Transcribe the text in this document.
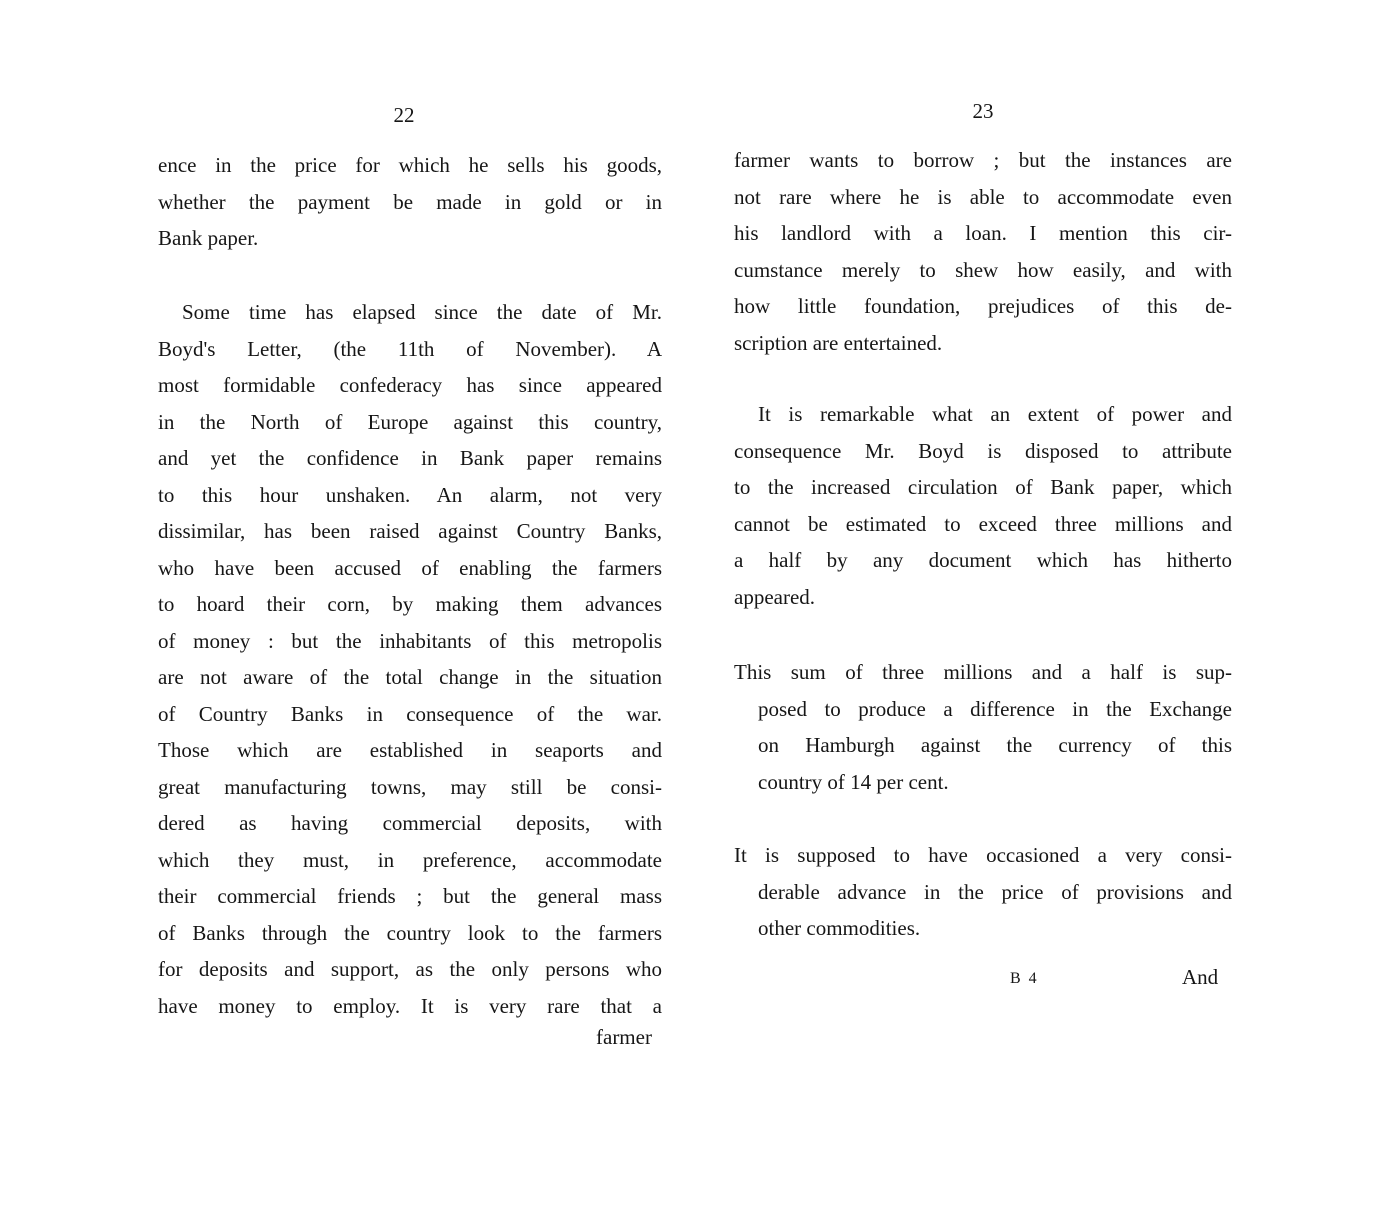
22
ence in the price for which he sells his goods,
whether the payment be made in gold or in
Bank paper.
Some time has elapsed since the date of Mr.
Boyd's Letter, (the 11th of November). A
most formidable confederacy has since appeared
in the North of Europe against this country,
and yet the confidence in Bank paper remains
to this hour unshaken. An alarm, not very
dissimilar, has been raised against Country Banks,
who have been accused of enabling the farmers
to hoard their corn, by making them advances
of money : but the inhabitants of this metropolis
are not aware of the total change in the situation
of Country Banks in consequence of the war.
Those which are established in seaports and
great manufacturing towns, may still be consi-
dered as having commercial deposits, with
which they must, in preference, accommodate
their commercial friends ; but the general mass
of Banks through the country look to the farmers
for deposits and support, as the only persons who
have money to employ. It is very rare that a
farmer
23
farmer wants to borrow ; but the instances are
not rare where he is able to accommodate even
his landlord with a loan. I mention this cir-
cumstance merely to shew how easily, and with
how little foundation, prejudices of this de-
scription are entertained.
It is remarkable what an extent of power and
consequence Mr. Boyd is disposed to attribute
to the increased circulation of Bank paper, which
cannot be estimated to exceed three millions and
a half by any document which has hitherto
appeared.
This sum of three millions and a half is sup-
posed to produce a difference in the Exchange
on Hamburgh against the currency of this
country of 14 per cent.
It is supposed to have occasioned a very consi-
derable advance in the price of provisions and
other commodities.
B 4	And
